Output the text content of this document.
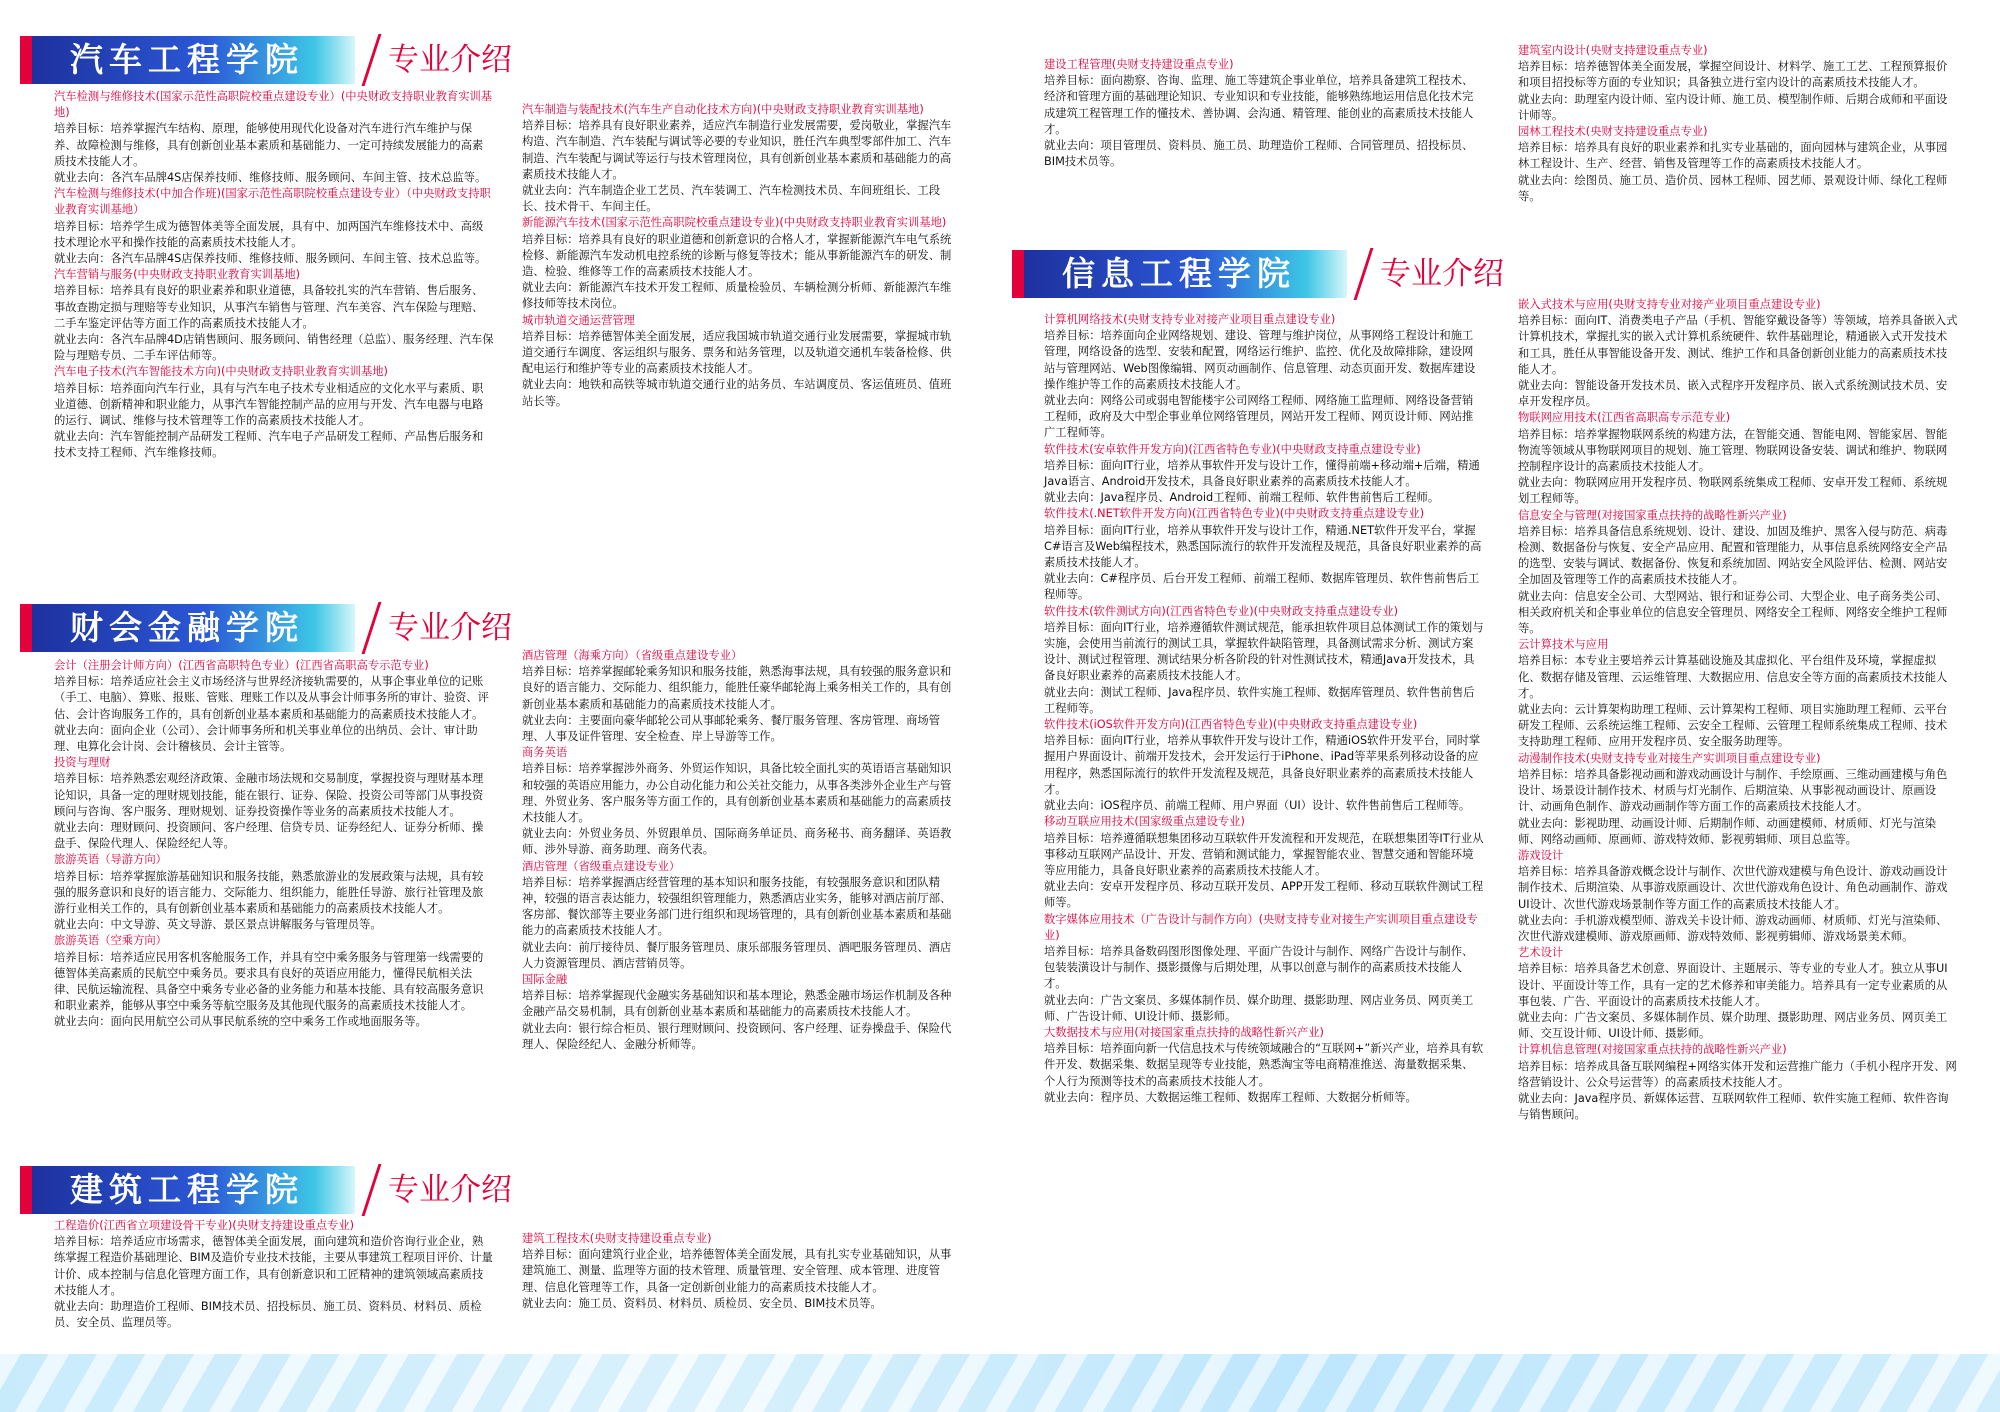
汽车工程学院	专业介绍
财会金融学院	专业介绍
建筑工程学院	专业介绍
信息工程学院	专业介绍

汽车检测与维修技术(国家示范性高职院校重点建设专业）(中央财政支持职业教育实训基地)

培养目标：培养掌握汽车结构、原理，能够使用现代化设备对汽车进行汽车维护与保养、故障检测与维修，具有创新创业基本素质和基础能力、一定可持续发展能力的高素质技术技能人才。

就业去向：各汽车品牌4S店保养技师、维修技师、服务顾问、车间主管、技术总监等。

汽车检测与维修技术(中加合作班)(国家示范性高职院校重点建设专业）（中央财政支持职业教育实训基地）

培养目标：培养学生成为德智体美等全面发展，具有中、加两国汽车维修技术中、高级技术理论水平和操作技能的高素质技术技能人才。

就业去向：各汽车品牌4S店保养技师、维修技师、服务顾问、车间主管、技术总监等。

汽车营销与服务(中央财政支持职业教育实训基地)

培养目标：培养具有良好的职业素养和职业道德，具备较扎实的汽车营销、售后服务、事故查勘定损与理赔等专业知识，从事汽车销售与管理、汽车美容、汽车保险与理赔、二手车鉴定评估等方面工作的高素质技术技能人才。

就业去向：各汽车品牌4D店销售顾问、服务顾问、销售经理（总监）、服务经理、汽车保险与理赔专员、二手车评估师等。

汽车电子技术(汽车智能技术方向)(中央财政支持职业教育实训基地)

培养目标：培养面向汽车行业，具有与汽车电子技术专业相适应的文化水平与素质、职业道德、创新精神和职业能力，从事汽车智能控制产品的应用与开发、汽车电器与电路的运行、调试、维修与技术管理等工作的高素质技术技能人才。

就业去向：汽车智能控制产品研发工程师、汽车电子产品研发工程师、产品售后服务和技术支持工程师、汽车维修技师。

汽车制造与装配技术(汽车生产自动化技术方向)(中央财政支持职业教育实训基地)

培养目标：培养具有良好职业素养，适应汽车制造行业发展需要，爱岗敬业，掌握汽车构造、汽车制造、汽车装配与调试等必要的专业知识，胜任汽车典型零部件加工、汽车制造、汽车装配与调试等运行与技术管理岗位，具有创新创业基本素质和基础能力的高素质技术技能人才。

就业去向：汽车制造企业工艺员、汽车装调工、汽车检测技术员、车间班组长、工段长、技术骨干、车间主任。

新能源汽车技术(国家示范性高职院校重点建设专业)(中央财政支持职业教育实训基地)

培养目标：培养具有良好的职业道德和创新意识的合格人才，掌握新能源汽车电气系统检修、新能源汽车发动机电控系统的诊断与修复等技术；能从事新能源汽车的研发、制造、检验、维修等工作的高素质技术技能人才。

就业去向：新能源汽车技术开发工程师、质量检验员、车辆检测分析师、新能源汽车维修技师等技术岗位。

城市轨道交通运营管理

培养目标：培养德智体美全面发展，适应我国城市轨道交通行业发展需要，掌握城市轨道交通行车调度、客运组织与服务、票务和站务管理，以及轨道交通机车装备检修、供配电运行和维护等专业的高素质技术技能人才。

就业去向：地铁和高铁等城市轨道交通行业的站务员、车站调度员、客运值班员、值班站长等。

会计（注册会计师方向）(江西省高职特色专业）(江西省高职高专示范专业)

培养目标：培养适应社会主义市场经济与世界经济接轨需要的，从事企事业单位的记账（手工、电脑）、算账、报账、管账、理账工作以及从事会计师事务所的审计、验资、评估、会计咨询服务工作的，具有创新创业基本素质和基础能力的高素质技术技能人才。

就业去向：面向企业（公司）、会计师事务所和机关事业单位的出纳员、会计、审计助理、电算化会计岗、会计稽核员、会计主管等。

投资与理财

培养目标：培养熟悉宏观经济政策、金融市场法规和交易制度，掌握投资与理财基本理论知识，具备一定的理财规划技能，能在银行、证券、保险、投资公司等部门从事投资顾问与咨询、客户服务、理财规划、证券投资操作等业务的高素质技术技能人才。

就业去向：理财顾问、投资顾问、客户经理、信贷专员、证券经纪人、证券分析师、操盘手、保险代理人、保险经纪人等。

旅游英语（导游方向）

培养目标：培养掌握旅游基础知识和服务技能，熟悉旅游业的发展政策与法规，具有较强的服务意识和良好的语言能力、交际能力、组织能力，能胜任导游、旅行社管理及旅游行业相关工作的，具有创新创业基本素质和基础能力的高素质技术技能人才。

就业去向：中文导游、英文导游、景区景点讲解服务与管理员等。

旅游英语（空乘方向）

培养目标：培养适应民用客机客舱服务工作，并具有空中乘务服务与管理第一线需要的德智体美高素质的民航空中乘务员。要求具有良好的英语应用能力，懂得民航相关法律、民航运输流程、具备空中乘务专业必备的业务能力和基本技能、具有较高服务意识和职业素养，能够从事空中乘务等航空服务及其他现代服务的高素质技术技能人才。

就业去向：面向民用航空公司从事民航系统的空中乘务工作或地面服务等。

酒店管理（海乘方向）（省级重点建设专业）

培养目标：培养掌握邮轮乘务知识和服务技能，熟悉海事法规，具有较强的服务意识和良好的语言能力、交际能力、组织能力，能胜任豪华邮轮海上乘务相关工作的，具有创新创业基本素质和基础能力的高素质技术技能人才。

就业去向：主要面向豪华邮轮公司从事邮轮乘务、餐厅服务管理、客房管理、商场管理、人事及证件管理、安全检查、岸上导游等工作。

商务英语

培养目标：培养掌握涉外商务、外贸运作知识，具备比较全面扎实的英语语言基础知识和较强的英语应用能力，办公自动化能力和公关社交能力，从事各类涉外企业生产与管理、外贸业务、客户服务等方面工作的，具有创新创业基本素质和基础能力的高素质技术技能人才。

就业去向：外贸业务员、外贸跟单员、国际商务单证员、商务秘书、商务翻译、英语教师、涉外导游、商务助理、商务代表。

酒店管理（省级重点建设专业）

培养目标：培养掌握酒店经营管理的基本知识和服务技能，有较强服务意识和团队精神，较强的语言表达能力，较强组织管理能力，熟悉酒店业实务，能够对酒店前厅部、客房部、餐饮部等主要业务部门进行组织和现场管理的，具有创新创业基本素质和基础能力的高素质技术技能人才。

就业去向：前厅接待员、餐厅服务管理员、康乐部服务管理员、酒吧服务管理员、酒店人力资源管理员、酒店营销员等。

国际金融

培养目标：培养掌握现代金融实务基础知识和基本理论，熟悉金融市场运作机制及各种金融产品交易机制，具有创新创业基本素质和基础能力的高素质技术技能人才。

就业去向：银行综合柜员、银行理财顾问、投资顾问、客户经理、证券操盘手、保险代理人、保险经纪人、金融分析师等。

工程造价(江西省立项建设骨干专业)(央财支持建设重点专业)

培养目标：培养适应市场需求，德智体美全面发展，面向建筑和造价咨询行业企业，熟练掌握工程造价基础理论、BIM及造价专业技术技能，主要从事建筑工程项目评价、计量计价、成本控制与信息化管理方面工作，具有创新意识和工匠精神的建筑领域高素质技术技能人才。

就业去向：助理造价工程师、BIM技术员、招投标员、施工员、资料员、材料员、质检员、安全员、监理员等。

建筑工程技术(央财支持建设重点专业)

培养目标：面向建筑行业企业，培养德智体美全面发展，具有扎实专业基础知识，从事建筑施工、测量、监理等方面的技术管理、质量管理、安全管理、成本管理、进度管理、信息化管理等工作，具备一定创新创业能力的高素质技术技能人才。

就业去向：施工员、资料员、材料员、质检员、安全员、BIM技术员等。

建设工程管理(央财支持建设重点专业)

培养目标：面向勘察、咨询、监理、施工等建筑企事业单位，培养具备建筑工程技术、经济和管理方面的基础理论知识、专业知识和专业技能，能够熟练地运用信息化技术完成建筑工程管理工作的懂技术、善协调、会沟通、精管理、能创业的高素质技术技能人才。

就业去向：项目管理员、资料员、施工员、助理造价工程师、合同管理员、招投标员、BIM技术员等。

计算机网络技术(央财支持专业对接产业项目重点建设专业)

培养目标：培养面向企业网络规划、建设、管理与维护岗位，从事网络工程设计和施工管理，网络设备的选型、安装和配置，网络运行维护、监控、优化及故障排除，建设网站与管理网站、Web图像编辑、网页动画制作、信息管理、动态页面开发、数据库建设操作维护等工作的高素质技术技能人才。

就业去向：网络公司或弱电智能楼宇公司网络工程师、网络施工监理师、网络设备营销工程师，政府及大中型企事业单位网络管理员，网站开发工程师、网页设计师、网站推广工程师等。

软件技术(安卓软件开发方向)(江西省特色专业)(中央财政支持重点建设专业)

培养目标：面向IT行业，培养从事软件开发与设计工作，懂得前端+移动端+后端，精通Java语言、Android开发技术，具备良好职业素养的高素质技术技能人才。

就业去向：Java程序员、Android工程师、前端工程师、软件售前售后工程师。

软件技术(.NET软件开发方向)(江西省特色专业)(中央财政支持重点建设专业)

培养目标：面向IT行业，培养从事软件开发与设计工作，精通.NET软件开发平台，掌握C#语言及Web编程技术，熟悉国际流行的软件开发流程及规范，具备良好职业素养的高素质技术技能人才。

就业去向：C#程序员、后台开发工程师、前端工程师、数据库管理员、软件售前售后工程师等。

软件技术(软件测试方向)(江西省特色专业)(中央财政支持重点建设专业)

培养目标：面向IT行业，培养遵循软件测试规范，能承担软件项目总体测试工作的策划与实施，会使用当前流行的测试工具，掌握软件缺陷管理，具备测试需求分析、测试方案设计、测试过程管理、测试结果分析各阶段的针对性测试技术，精通Java开发技术，具备良好职业素养的高素质技术技能人才。

就业去向：测试工程师、Java程序员、软件实施工程师、数据库管理员、软件售前售后工程师等。

软件技术(iOS软件开发方向)(江西省特色专业)(中央财政支持重点建设专业)

培养目标：面向IT行业，培养从事软件开发与设计工作，精通iOS软件开发平台，同时掌握用户界面设计、前端开发技术，会开发运行于iPhone、iPad等苹果系列移动设备的应用程序，熟悉国际流行的软件开发流程及规范，具备良好职业素养的高素质技术技能人才。

就业去向：iOS程序员、前端工程师、用户界面（UI）设计、软件售前售后工程师等。

移动互联应用技术(国家级重点建设专业)

培养目标：培养遵循联想集团移动互联软件开发流程和开发规范，在联想集团等IT行业从事移动互联网产品设计、开发、营销和测试能力，掌握智能农业、智慧交通和智能环境等应用能力，具备良好职业素养的高素质技术技能人才。

就业去向：安卓开发程序员、移动互联开发员、APP开发工程师、移动互联软件测试工程师等。

数字媒体应用技术（广告设计与制作方向）(央财支持专业对接生产实训项目重点建设专业)

培养目标：培养具备数码图形图像处理、平面广告设计与制作、网络广告设计与制作、包装装潢设计与制作、摄影摄像与后期处理，从事以创意与制作的高素质技术技能人才。

就业去向：广告文案员、多媒体制作员、媒介助理、摄影助理、网店业务员、网页美工师、广告设计师、UI设计师、摄影师。

大数据技术与应用(对接国家重点扶持的战略性新兴产业)

培养目标：培养面向新一代信息技术与传统领域融合的“互联网+”新兴产业，培养具有软件开发、数据采集、数据呈现等专业技能，熟悉淘宝等电商精准推送、海量数据采集、个人行为预测等技术的高素质技术技能人才。

就业去向：程序员、大数据运维工程师、数据库工程师、大数据分析师等。

建筑室内设计(央财支持建设重点专业)

培养目标：培养德智体美全面发展，掌握空间设计、材料学、施工工艺、工程预算报价和项目招投标等方面的专业知识；具备独立进行室内设计的高素质技术技能人才。

就业去向：助理室内设计师、室内设计师、施工员、模型制作师、后期合成师和平面设计师等。

园林工程技术(央财支持建设重点专业)

培养目标：培养具有良好的职业素养和扎实专业基础的，面向园林与建筑企业，从事园林工程设计、生产、经营、销售及管理等工作的高素质技术技能人才。

就业去向：绘图员、施工员、造价员、园林工程师、园艺师、景观设计师、绿化工程师等。

嵌入式技术与应用(央财支持专业对接产业项目重点建设专业)

培养目标：面向IT、消费类电子产品（手机、智能穿戴设备等）等领域，培养具备嵌入式计算机技术，掌握扎实的嵌入式计算机系统硬件、软件基础理论，精通嵌入式开发技术和工具，胜任从事智能设备开发、测试、维护工作和具备创新创业能力的高素质技术技能人才。

就业去向：智能设备开发技术员、嵌入式程序开发程序员、嵌入式系统测试技术员、安卓开发程序员。

物联网应用技术(江西省高职高专示范专业)

培养目标：培养掌握物联网系统的构建方法，在智能交通、智能电网、智能家居、智能物流等领域从事物联网项目的规划、施工管理、物联网设备安装、调试和维护、物联网控制程序设计的高素质技术技能人才。

就业去向：物联网应用开发程序员、物联网系统集成工程师、安卓开发工程师、系统规划工程师等。

信息安全与管理(对接国家重点扶持的战略性新兴产业)

培养目标：培养具备信息系统规划、设计、建设、加固及维护、黑客入侵与防范、病毒检测、数据备份与恢复、安全产品应用、配置和管理能力，从事信息系统网络安全产品的选型、安装与调试、数据备份、恢复和系统加固、网站安全风险评估、检测、网站安全加固及管理等工作的高素质技术技能人才。

就业去向：信息安全公司、大型网站、银行和证券公司、大型企业、电子商务类公司、相关政府机关和企事业单位的信息安全管理员、网络安全工程师、网络安全维护工程师等。

云计算技术与应用

培养目标：本专业主要培养云计算基础设施及其虚拟化、平台组件及环境，掌握虚拟化、数据存储及管理、云运维管理、大数据应用、信息安全等方面的高素质技术技能人才。

就业去向：云计算架构助理工程师、云计算架构工程师、项目实施助理工程师、云平台研发工程师、云系统运维工程师、云安全工程师、云管理工程师系统集成工程师、技术支持助理工程师、应用开发程序员、安全服务助理等。

动漫制作技术(央财支持专业对接生产实训项目重点建设专业)

培养目标：培养具备影视动画和游戏动画设计与制作、手绘原画、三维动画建模与角色设计、场景设计制作技术、材质与灯光制作、后期渲染、从事影视动画设计、原画设计、动画角色制作、游戏动画制作等方面工作的高素质技术技能人才。

就业去向：影视助理、动画设计师、后期制作师、动画建模师、材质师、灯光与渲染师、网络动画师、原画师、游戏特效师、影视剪辑师、项目总监等。

游戏设计

培养目标：培养具备游戏概念设计与制作、次世代游戏建模与角色设计、游戏动画设计制作技术、后期渲染、从事游戏原画设计、次世代游戏角色设计、角色动画制作、游戏UI设计、次世代游戏场景制作等方面工作的高素质技术技能人才。

就业去向：手机游戏模型师、游戏关卡设计师、游戏动画师、材质师、灯光与渲染师、次世代游戏建模师、游戏原画师、游戏特效师、影视剪辑师、游戏场景美术师。

艺术设计

培养目标：培养具备艺术创意、界面设计、主题展示、等专业的专业人才。独立从事UI设计、平面设计等工作，具有一定的艺术修养和审美能力。培养具有一定专业素质的从事包装、广告、平面设计的高素质技术技能人才。

就业去向：广告文案员、多媒体制作员、媒介助理、摄影助理、网店业务员、网页美工师、交互设计师、UI设计师、摄影师。

计算机信息管理(对接国家重点扶持的战略性新兴产业)

培养目标：培养成具备互联网编程+网络实体开发和运营推广能力（手机小程序开发、网络营销设计、公众号运营等）的高素质技术技能人才。

就业去向：Java程序员、新媒体运营、互联网软件工程师、软件实施工程师、软件咨询与销售顾问。
